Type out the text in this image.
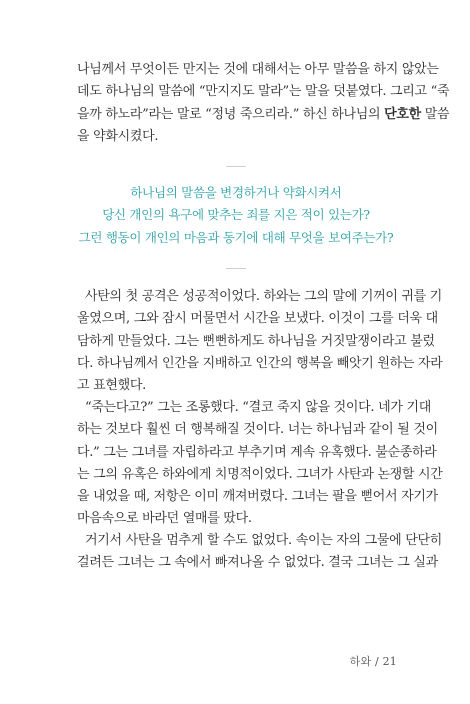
나님께서 무엇이든 만지는 것에 대해서는 아무 말씀을 하지 않았는
데도 하나님의 말씀에 “만지지도 말라”는 말을 덧붙였다. 그리고 “죽
을까 하노라”라는 말로 “정녕 죽으리라.” 하신 하나님의 단호한 말씀
을 약화시켰다.
하나님의 말씀을 변경하거나 약화시켜서
당신 개인의 욕구에 맞추는 죄를 지은 적이 있는가?
그런 행동이 개인의 마음과 동기에 대해 무엇을 보여주는가?
사탄의 첫 공격은 성공적이었다. 하와는 그의 말에 기꺼이 귀를 기
울였으며, 그와 잠시 머물면서 시간을 보냈다. 이것이 그를 더욱 대
담하게 만들었다. 그는 뻔뻔하게도 하나님을 거짓말쟁이라고 불렀
다. 하나님께서 인간을 지배하고 인간의 행복을 빼앗기 원하는 자라
고 표현했다.
“죽는다고?” 그는 조롱했다. “결코 죽지 않을 것이다. 네가 기대
하는 것보다 훨씬 더 행복해질 것이다. 너는 하나님과 같이 될 것이
다.” 그는 그녀를 자립하라고 부추기며 계속 유혹했다. 불순종하라
는 그의 유혹은 하와에게 치명적이었다. 그녀가 사탄과 논쟁할 시간
을 내었을 때, 저항은 이미 깨져버렸다. 그녀는 팔을 뻗어서 자기가
마음속으로 바라던 열매를 땄다.
거기서 사탄을 멈추게 할 수도 없었다. 속이는 자의 그물에 단단히
걸려든 그녀는 그 속에서 빠져나올 수 없었다. 결국 그녀는 그 실과
하와 / 21
